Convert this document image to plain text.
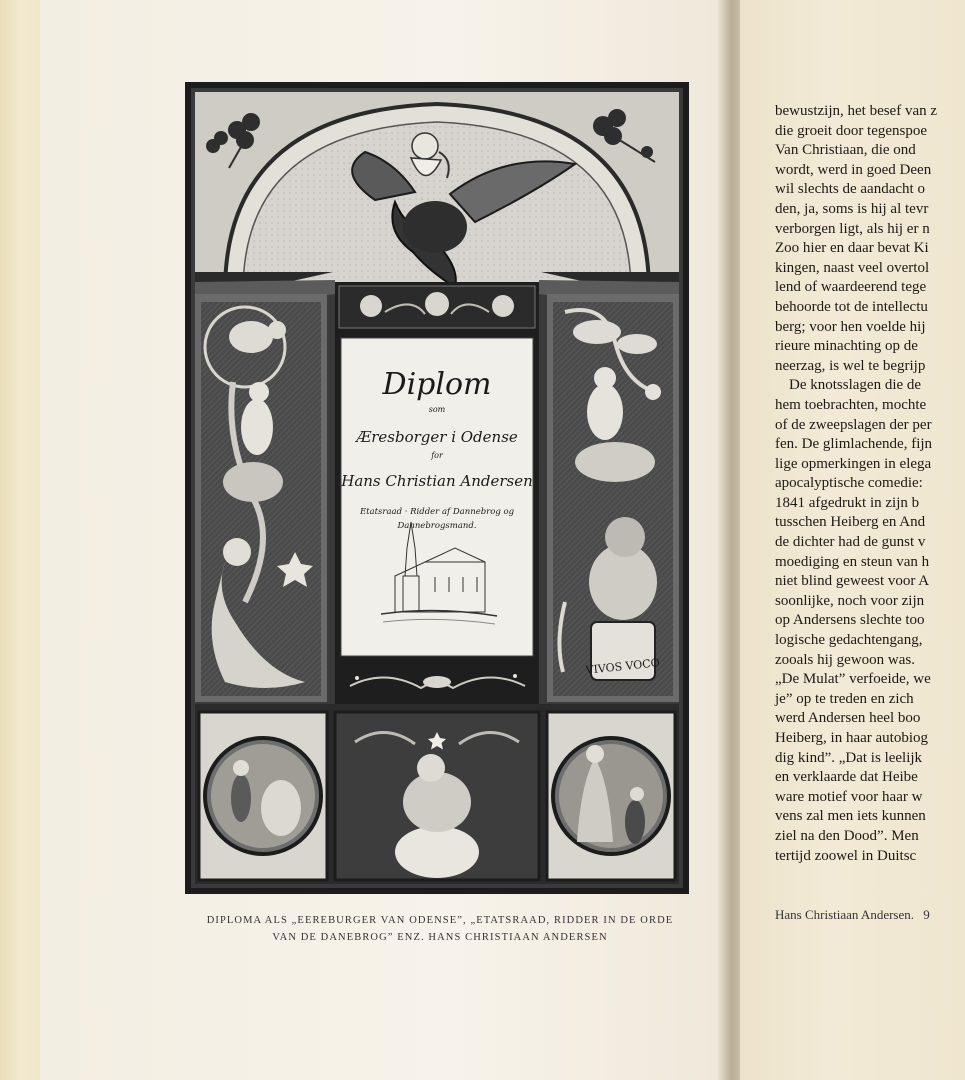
VIVOS VOCO
Diplom
som
Æresborger i Odense
for
Hans Christian Andersen
Etatsraad · Ridder af Dannebrog og
Dannebrogsmand.
DIPLOMA ALS „EEREBURGER VAN ODENSE”, „ETATSRAAD, RIDDER IN DE ORDE
VAN DE DANEBROG” ENZ. HANS CHRISTIAAN ANDERSEN
bewustzijn, het besef van z
die groeit door tegenspoe
Van Christiaan, die ond
wordt, werd in goed Deen
wil slechts de aandacht o
den, ja, soms is hij al tevr
verborgen ligt, als hij er n
Zoo hier en daar bevat Ki
kingen, naast veel overtol
lend of waardeerend tege
behoorde tot de intellectu
berg; voor hen voelde hij
rieure minachting op de
neerzag, is wel te begrijp
De knotsslagen die de
hem toebrachten, mochte
of de zweepslagen der per
fen. De glimlachende, fijn
lige opmerkingen in elega
apocalyptische comedie:
1841 afgedrukt in zijn b
tusschen Heiberg en And
de dichter had de gunst v
moediging en steun van h
niet blind geweest voor A
soonlijke, noch voor zijn
op Andersens slechte too
logische gedachtengang,
zooals hij gewoon was.
„De Mulat” verfoeide, we
je” op te treden en zich
werd Andersen heel boo
Heiberg, in haar autobiog
dig kind”. „Dat is leelijk
en verklaarde dat Heibe
ware motief voor haar w
vens zal men iets kunnen
ziel na den Dood”. Men
tertijd zoowel in Duitsc
Hans Christiaan Andersen. 9
